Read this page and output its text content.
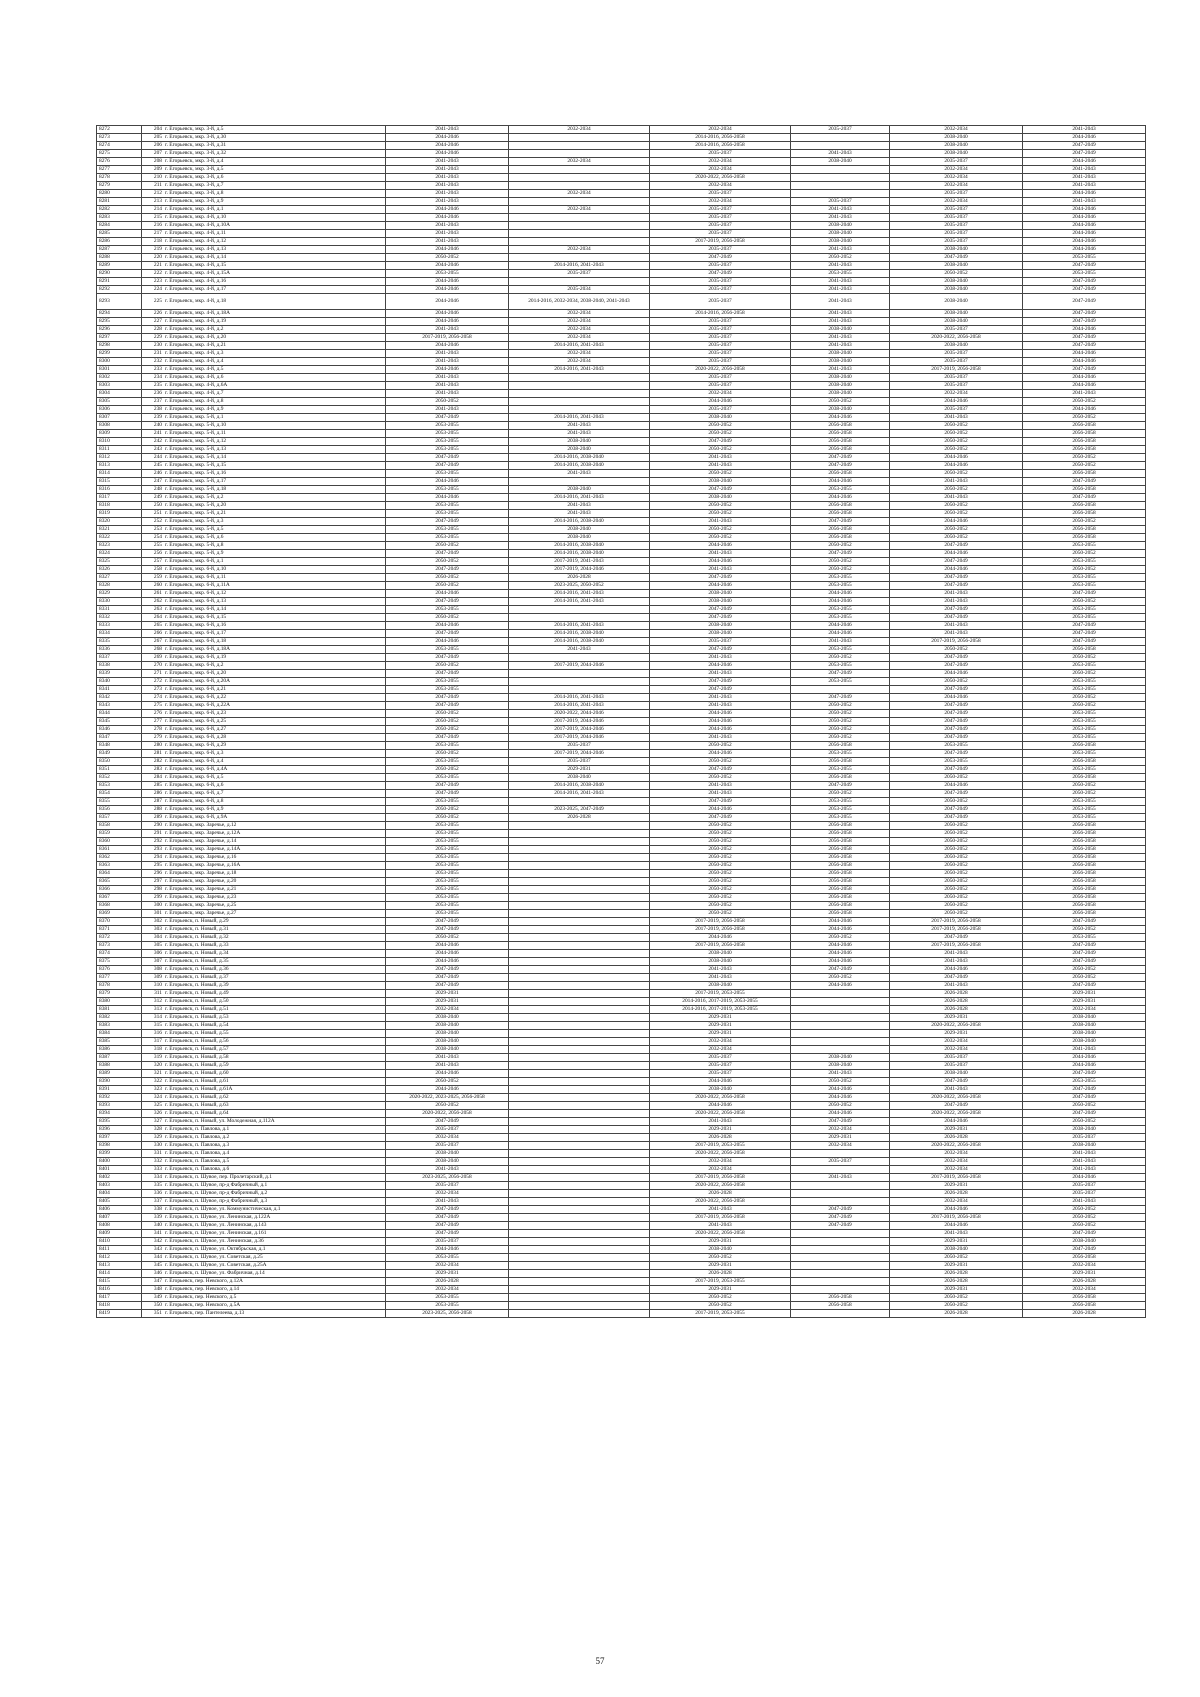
8272	204	г. Егорьевск, мкр. 3-й, д.5	2041-2043	2032-2034	2032-2034	2035-2037	2032-2034	2041-2043
8273	205	г. Егорьевск, мкр. 3-й, д.30	2044-2046		2014-2016, 2056-2058		2038-2040	2044-2046
8274	206	г. Егорьевск, мкр. 3-й, д.31	2044-2046		2014-2016, 2056-2058		2038-2040	2047-2049
8275	207	г. Егорьевск, мкр. 3-й, д.32	2044-2046		2035-2037	2041-2043	2038-2040	2047-2049
8276	208	г. Егорьевск, мкр. 3-й, д.4	2041-2043	2032-2034	2032-2034	2038-2040	2035-2037	2044-2046
8277	209	г. Егорьевск, мкр. 3-й, д.5	2041-2043		2032-2034		2032-2034	2041-2043
8278	210	г. Егорьевск, мкр. 3-й, д.6	2041-2043		2020-2022, 2056-2058		2032-2034	2041-2043
8279	211	г. Егорьевск, мкр. 3-й, д.7	2041-2043		2032-2034		2032-2034	2041-2043
8280	212	г. Егорьевск, мкр. 3-й, д.8	2041-2043	2032-2034	2035-2037		2035-2037	2044-2046
8281	213	г. Егорьевск, мкр. 3-й, д.9	2041-2043		2032-2034	2035-2037	2032-2034	2041-2043
8282	214	г. Егорьевск, мкр. 4-й, д.1	2044-2046	2032-2034	2035-2037	2041-2043	2035-2037	2044-2046
8283	215	г. Егорьевск, мкр. 4-й, д.10	2044-2046		2035-2037	2041-2043	2035-2037	2044-2046
8284	216	г. Егорьевск, мкр. 4-й, д.10А	2041-2043		2035-2037	2038-2040	2035-2037	2044-2046
8285	217	г. Егорьевск, мкр. 4-й, д.11	2041-2043		2035-2037	2038-2040	2035-2037	2044-2046
8286	218	г. Егорьевск, мкр. 4-й, д.12	2041-2043		2017-2019, 2056-2058	2038-2040	2035-2037	2044-2046
8287	219	г. Егорьевск, мкр. 4-й, д.13	2044-2046	2032-2034	2035-2037	2041-2043	2038-2040	2044-2046
8288	220	г. Егорьевск, мкр. 4-й, д.14	2050-2052		2047-2049	2050-2052	2047-2049	2053-2055
8289	221	г. Егорьевск, мкр. 4-й, д.15	2044-2046	2014-2016, 2041-2043	2035-2037	2041-2043	2038-2040	2047-2049
8290	222	г. Егорьевск, мкр. 4-й, д.15А	2053-2055	2035-2037	2047-2049	2053-2055	2050-2052	2053-2055
8291	223	г. Егорьевск, мкр. 4-й, д.16	2044-2046		2035-2037	2041-2043	2038-2040	2047-2049
8292	224	г. Егорьевск, мкр. 4-й, д.17	2044-2046	2035-2034	2035-2037	2041-2043	2038-2040	2047-2049
8293	225	г. Егорьевск, мкр. 4-й, д.18	2044-2046	2014-2016, 2032-2034, 2038-2040, 2041-2043	2035-2037	2041-2043	2038-2040	2047-2049
8294	226	г. Егорьевск, мкр. 4-й, д.18А	2044-2046	2032-2034	2014-2016, 2056-2058	2041-2043	2038-2040	2047-2049
8295	227	г. Егорьевск, мкр. 4-й, д.19	2044-2046	2032-2034	2035-2037	2041-2043	2038-2040	2047-2049
8296	228	г. Егорьевск, мкр. 4-й, д.2	2041-2043	2032-2034	2035-2037	2038-2040	2035-2037	2044-2046
8297	229	г. Егорьевск, мкр. 4-й, д.20	2017-2019, 2056-2058	2032-2034	2035-2037	2041-2043	2020-2022, 2056-2058	2047-2049
8298	230	г. Егорьевск, мкр. 4-й, д.21	2044-2046	2014-2016, 2041-2043	2035-2037	2041-2043	2038-2040	2047-2049
8299	231	г. Егорьевск, мкр. 4-й, д.3	2041-2043	2032-2034	2035-2037	2038-2040	2035-2037	2044-2046
8300	232	г. Егорьевск, мкр. 4-й, д.4	2041-2043	2032-2034	2035-2037	2038-2040	2035-2037	2044-2046
8301	233	г. Егорьевск, мкр. 4-й, д.5	2044-2046	2014-2016, 2041-2043	2020-2022, 2056-2058	2041-2043	2017-2019, 2056-2058	2047-2049
8302	234	г. Егорьевск, мкр. 4-й, д.6	2041-2043		2035-2037	2038-2040	2035-2037	2044-2046
8303	235	г. Егорьевск, мкр. 4-й, д.6А	2041-2043		2035-2037	2038-2040	2035-2037	2044-2046
8304	236	г. Егорьевск, мкр. 4-й, д.7	2041-2043		2032-2034	2038-2040	2032-2034	2041-2043
8305	237	г. Егорьевск, мкр. 4-й, д.8	2050-2052		2044-2046	2050-2052	2044-2046	2050-2052
8306	238	г. Егорьевск, мкр. 4-й, д.9	2041-2043		2035-2037	2038-2040	2035-2037	2044-2046
8307	239	г. Егорьевск, мкр. 5-й, д.1	2047-2049	2014-2016, 2041-2043	2038-2040	2044-2046	2041-2043	2050-2052
8308	240	г. Егорьевск, мкр. 5-й, д.10	2053-2055	2041-2043	2050-2052	2056-2058	2050-2052	2056-2058
8309	241	г. Егорьевск, мкр. 5-й, д.11	2053-2055	2041-2043	2050-2052	2056-2058	2050-2052	2056-2058
8310	242	г. Егорьевск, мкр. 5-й, д.12	2053-2055	2038-2040	2047-2049	2056-2058	2050-2052	2056-2058
8311	243	г. Егорьевск, мкр. 5-й, д.13	2053-2055	2038-2040	2050-2052	2056-2058	2050-2052	2056-2058
8312	244	г. Егорьевск, мкр. 5-й, д.14	2047-2049	2014-2016, 2038-2040	2041-2043	2047-2049	2044-2046	2050-2052
8313	245	г. Егорьевск, мкр. 5-й, д.15	2047-2049	2014-2016, 2038-2040	2041-2043	2047-2049	2044-2046	2050-2052
8314	246	г. Егорьевск, мкр. 5-й, д.16	2053-2055	2041-2043	2050-2052	2056-2058	2050-2052	2056-2058
8315	247	г. Егорьевск, мкр. 5-й, д.17	2044-2046		2038-2040	2044-2046	2041-2043	2047-2049
8316	248	г. Егорьевск, мкр. 5-й, д.18	2053-2055	2038-2040	2047-2049	2053-2055	2050-2052	2056-2058
8317	249	г. Егорьевск, мкр. 5-й, д.2	2044-2046	2014-2016, 2041-2043	2038-2040	2044-2046	2041-2043	2047-2049
8318	250	г. Егорьевск, мкр. 5-й, д.20	2053-2055	2041-2043	2050-2052	2056-2058	2050-2052	2056-2058
8319	251	г. Егорьевск, мкр. 5-й, д.21	2053-2055	2041-2043	2050-2052	2056-2058	2050-2052	2056-2058
8320	252	г. Егорьевск, мкр. 5-й, д.3	2047-2049	2014-2016, 2038-2040	2041-2043	2047-2049	2044-2046	2050-2052
8321	253	г. Егорьевск, мкр. 5-й, д.5	2053-2055	2038-2040	2050-2052	2056-2058	2050-2052	2056-2058
8322	254	г. Егорьевск, мкр. 5-й, д.6	2053-2055	2038-2040	2050-2052	2056-2058	2050-2052	2056-2058
8323	255	г. Егорьевск, мкр. 5-й, д.8	2050-2052	2014-2016, 2038-2040	2044-2046	2050-2052	2047-2049	2053-2055
8324	256	г. Егорьевск, мкр. 5-й, д.9	2047-2049	2014-2016, 2038-2040	2041-2043	2047-2049	2044-2046	2050-2052
8325	257	г. Егорьевск, мкр. 6-й, д.1	2050-2052	2017-2019, 2041-2043	2044-2046	2050-2052	2047-2049	2053-2055
8326	258	г. Егорьевск, мкр. 6-й, д.10	2047-2049	2017-2019, 2044-2046	2041-2043	2050-2052	2044-2046	2050-2052
8327	259	г. Егорьевск, мкр. 6-й, д.11	2050-2052	2026-2028	2047-2049	2053-2055	2047-2049	2053-2055
8328	260	г. Егорьевск, мкр. 6-й, д.11А	2050-2052	2023-2025, 2050-2052	2044-2046	2053-2055	2047-2049	2053-2055
8329	261	г. Егорьевск, мкр. 6-й, д.12	2044-2046	2014-2016, 2041-2043	2038-2040	2044-2046	2041-2043	2047-2049
8330	262	г. Егорьевск, мкр. 6-й, д.13	2047-2049	2014-2016, 2041-2043	2038-2040	2044-2046	2041-2043	2050-2052
8331	263	г. Егорьевск, мкр. 6-й, д.14	2053-2055		2047-2049	2053-2055	2047-2049	2053-2055
8332	264	г. Егорьевск, мкр. 6-й, д.15	2050-2052		2047-2049	2053-2055	2047-2049	2053-2055
8333	265	г. Егорьевск, мкр. 6-й, д.16	2044-2046	2014-2016, 2041-2043	2038-2040	2044-2046	2041-2043	2047-2049
8334	266	г. Егорьевск, мкр. 6-й, д.17	2047-2049	2014-2016, 2038-2040	2038-2040	2044-2046	2041-2043	2047-2049
8335	267	г. Егорьевск, мкр. 6-й, д.18	2044-2046	2014-2016, 2038-2040	2035-2037	2041-2043	2017-2019, 2056-2058	2047-2049
8336	268	г. Егорьевск, мкр. 6-й, д.18А	2053-2055	2041-2043	2047-2049	2053-2055	2050-2052	2056-2058
8337	269	г. Егорьевск, мкр. 6-й, д.19	2047-2049		2041-2043	2050-2052	2047-2049	2050-2052
8338	270	г. Егорьевск, мкр. 6-й, д.2	2050-2052	2017-2019, 2044-2046	2044-2046	2053-2055	2047-2049	2053-2055
8339	271	г. Егорьевск, мкр. 6-й, д.20	2047-2049		2041-2043	2047-2049	2044-2046	2050-2052
8340	272	г. Егорьевск, мкр. 6-й, д.20А	2053-2055		2047-2049	2053-2055	2050-2052	2053-2055
8341	273	г. Егорьевск, мкр. 6-й, д.21	2053-2055		2047-2049		2047-2049	2053-2055
8342	274	г. Егорьевск, мкр. 6-й, д.22	2047-2049	2014-2016, 2041-2043	2041-2043	2047-2049	2044-2046	2050-2052
8343	275	г. Егорьевск, мкр. 6-й, д.22А	2047-2049	2014-2016, 2041-2043	2041-2043	2050-2052	2047-2049	2050-2052
8344	276	г. Егорьевск, мкр. 6-й, д.23	2050-2052	2020-2022, 2044-2046	2044-2046	2050-2052	2047-2049	2053-2055
8345	277	г. Егорьевск, мкр. 6-й, д.25	2050-2052	2017-2019, 2044-2046	2044-2046	2050-2052	2047-2049	2053-2055
8346	278	г. Егорьевск, мкр. 6-й, д.27	2050-2052	2017-2019, 2044-2046	2044-2046	2050-2052	2047-2049	2053-2055
8347	279	г. Егорьевск, мкр. 6-й, д.28	2047-2049	2017-2019, 2044-2046	2041-2043	2050-2052	2047-2049	2053-2055
8348	280	г. Егорьевск, мкр. 6-й, д.29	2053-2055	2035-2037	2050-2052	2056-2058	2053-2055	2056-2058
8349	281	г. Егорьевск, мкр. 6-й, д.3	2050-2052	2017-2019, 2044-2046	2044-2046	2053-2055	2047-2049	2053-2055
8350	282	г. Егорьевск, мкр. 6-й, д.4	2053-2055	2035-2037	2050-2052	2056-2058	2053-2055	2056-2058
8351	283	г. Егорьевск, мкр. 6-й, д.4А	2050-2052	2029-2031	2047-2049	2053-2055	2047-2049	2053-2055
8352	284	г. Егорьевск, мкр. 6-й, д.5	2053-2055	2038-2040	2050-2052	2056-2058	2050-2052	2056-2058
8353	285	г. Егорьевск, мкр. 6-й, д.6	2047-2049	2014-2016, 2038-2040	2041-2043	2047-2049	2044-2046	2050-2052
8354	286	г. Егорьевск, мкр. 6-й, д.7	2047-2049	2014-2016, 2041-2043	2041-2043	2050-2052	2047-2049	2050-2052
8355	287	г. Егорьевск, мкр. 6-й, д.8	2053-2055		2047-2049	2053-2055	2050-2052	2053-2055
8356	288	г. Егорьевск, мкр. 6-й, д.9	2050-2052	2023-2025, 2047-2049	2044-2046	2053-2055	2047-2049	2053-2055
8357	289	г. Егорьевск, мкр. 6-й, д.9А	2050-2052	2026-2028	2047-2049	2053-2055	2047-2049	2053-2055
8358	290	г. Егорьевск, мкр. Заречье, д.12	2053-2055		2050-2052	2056-2058	2050-2052	2056-2058
8359	291	г. Егорьевск, мкр. Заречье, д.12А	2053-2055		2050-2052	2056-2058	2050-2052	2056-2058
8360	292	г. Егорьевск, мкр. Заречье, д.14	2053-2055		2050-2052	2056-2058	2050-2052	2056-2058
8361	293	г. Егорьевск, мкр. Заречье, д.14А	2053-2055		2050-2052	2056-2058	2050-2052	2056-2058
8362	294	г. Егорьевск, мкр. Заречье, д.16	2053-2055		2050-2052	2056-2058	2050-2052	2056-2058
8363	295	г. Егорьевск, мкр. Заречье, д.16А	2053-2055		2050-2052	2056-2058	2050-2052	2056-2058
8364	296	г. Егорьевск, мкр. Заречье, д.18	2053-2055		2050-2052	2056-2058	2050-2052	2056-2058
8365	297	г. Егорьевск, мкр. Заречье, д.20	2053-2055		2050-2052	2056-2058	2050-2052	2056-2058
8366	298	г. Егорьевск, мкр. Заречье, д.21	2053-2055		2050-2052	2056-2058	2050-2052	2056-2058
8367	299	г. Егорьевск, мкр. Заречье, д.23	2053-2055		2050-2052	2056-2058	2050-2052	2056-2058
8368	300	г. Егорьевск, мкр. Заречье, д.25	2053-2055		2050-2052	2056-2058	2050-2052	2056-2058
8369	301	г. Егорьевск, мкр. Заречье, д.27	2053-2055		2050-2052	2056-2058	2050-2052	2056-2058
8370	302	г. Егорьевск, п. Новый, д.29	2047-2049		2017-2019, 2056-2058	2044-2046	2017-2019, 2056-2058	2047-2049
8371	303	г. Егорьевск, п. Новый, д.31	2047-2049		2017-2019, 2056-2058	2044-2046	2017-2019, 2056-2058	2050-2052
8372	304	г. Егорьевск, п. Новый, д.32	2050-2052		2044-2046	2050-2052	2047-2049	2053-2055
8373	305	г. Егорьевск, п. Новый, д.33	2044-2046		2017-2019, 2056-2058	2044-2046	2017-2019, 2056-2058	2047-2049
8374	306	г. Егорьевск, п. Новый, д.34	2044-2046		2038-2040	2044-2046	2041-2043	2047-2049
8375	307	г. Егорьевск, п. Новый, д.35	2044-2046		2038-2040	2044-2046	2041-2043	2047-2049
8376	308	г. Егорьевск, п. Новый, д.36	2047-2049		2041-2043	2047-2049	2044-2046	2050-2052
8377	309	г. Егорьевск, п. Новый, д.37	2047-2049		2041-2043	2050-2052	2047-2049	2050-2052
8378	310	г. Егорьевск, п. Новый, д.39	2047-2049		2038-2040	2044-2046	2041-2043	2047-2049
8379	311	г. Егорьевск, п. Новый, д.49	2029-2031		2017-2019, 2053-2055		2026-2028	2029-2031
8380	312	г. Егорьевск, п. Новый, д.50	2029-2031		2014-2016, 2017-2019, 2053-2055		2026-2028	2029-2031
8381	313	г. Егорьевск, п. Новый, д.51	2032-2034		2014-2016, 2017-2019, 2053-2055		2026-2028	2032-2034
8382	314	г. Егорьевск, п. Новый, д.53	2038-2040		2029-2031		2029-2031	2038-2040
8383	315	г. Егорьевск, п. Новый, д.54	2038-2040		2029-2031		2020-2022, 2056-2058	2038-2040
8384	316	г. Егорьевск, п. Новый, д.55	2038-2040		2029-2031		2029-2031	2038-2040
8385	317	г. Егорьевск, п. Новый, д.56	2038-2040		2032-2034		2032-2034	2038-2040
8386	318	г. Егорьевск, п. Новый, д.57	2038-2040		2032-2034		2032-2034	2041-2043
8387	319	г. Егорьевск, п. Новый, д.58	2041-2043		2035-2037	2038-2040	2035-2037	2044-2046
8388	320	г. Егорьевск, п. Новый, д.59	2041-2043		2035-2037	2038-2040	2035-2037	2044-2046
8389	321	г. Егорьевск, п. Новый, д.60	2044-2046		2035-2037	2041-2043	2038-2040	2047-2049
8390	322	г. Егорьевск, п. Новый, д.61	2050-2052		2044-2046	2050-2052	2047-2049	2053-2055
8391	323	г. Егорьевск, п. Новый, д.61А	2044-2046		2038-2040	2044-2046	2041-2043	2047-2049
8392	324	г. Егорьевск, п. Новый, д.62	2020-2022, 2023-2025, 2056-2058		2020-2022, 2056-2058	2044-2046	2020-2022, 2056-2058	2047-2049
8393	325	г. Егорьевск, п. Новый, д.63	2050-2052		2044-2046	2050-2052	2047-2049	2050-2052
8394	326	г. Егорьевск, п. Новый, д.64	2020-2022, 2056-2058		2020-2022, 2056-2058	2044-2046	2020-2022, 2056-2058	2047-2049
8395	327	г. Егорьевск, п. Новый, ул. Молодежная, д.112А	2047-2049		2041-2043	2047-2049	2044-2046	2050-2052
8396	328	г. Егорьевск, п. Павлова, д.1	2035-2037		2029-2031	2032-2034	2029-2031	2038-2040
8397	329	г. Егорьевск, п. Павлова, д.2	2032-2034		2026-2028	2029-2031	2026-2028	2035-2037
8398	330	г. Егорьевск, п. Павлова, д.3	2035-2037		2017-2019, 2053-2055	2032-2034	2020-2022, 2056-2058	2038-2040
8399	331	г. Егорьевск, п. Павлова, д.4	2038-2040		2020-2022, 2056-2058		2032-2034	2041-2043
8400	332	г. Егорьевск, п. Павлова, д.5	2038-2040		2032-2034	2035-2037	2032-2034	2041-2043
8401	333	г. Егорьевск, п. Павлова, д.6	2041-2043		2032-2034		2032-2034	2041-2043
8402	334	г. Егорьевск, п. Шувое, пер. Пролетарский, д.1	2023-2025, 2056-2058		2017-2019, 2056-2058	2041-2043	2017-2019, 2056-2058	2044-2046
8403	335	г. Егорьевск, п. Шувое, пр-д Фабричный, д.1	2035-2037		2020-2022, 2056-2058		2029-2031	2035-2037
8404	336	г. Егорьевск, п. Шувое, пр-д Фабричный, д.2	2032-2034		2026-2028		2026-2028	2035-2037
8405	337	г. Егорьевск, п. Шувое, пр-д Фабричный, д.3	2041-2043		2020-2022, 2056-2058		2032-2034	2041-2043
8406	338	г. Егорьевск, п. Шувое, ул. Коммунистическая, д.1	2047-2049		2041-2043	2047-2049	2044-2046	2050-2052
8407	339	г. Егорьевск, п. Шувое, ул. Ленинская, д.122А	2047-2049		2017-2019, 2056-2058	2047-2049	2017-2019, 2056-2058	2050-2052
8408	340	г. Егорьевск, п. Шувое, ул. Ленинская, д.143	2047-2049		2041-2043	2047-2049	2044-2046	2050-2052
8409	341	г. Егорьевск, п. Шувое, ул. Ленинская, д.161	2047-2049		2020-2022, 2056-2058		2041-2043	2047-2049
8410	342	г. Егорьевск, п. Шувое, ул. Ленинская, д.36	2035-2037		2029-2031		2029-2031	2038-2040
8411	343	г. Егорьевск, п. Шувое, ул. Октябрьская, д.1	2044-2046		2038-2040		2038-2040	2047-2049
8412	344	г. Егорьевск, п. Шувое, ул. Советская, д.25	2053-2055		2050-2052		2050-2052	2056-2058
8413	345	г. Егорьевск, п. Шувое, ул. Советская, д.25А	2032-2034		2029-2031		2029-2031	2032-2034
8414	346	г. Егорьевск, п. Шувое, ул. Фабричная, д.14	2029-2031		2026-2028		2026-2028	2029-2031
8415	347	г. Егорьевск, пер. Невского, д.12А	2026-2028		2017-2019, 2053-2055		2026-2028	2026-2028
8416	348	г. Егорьевск, пер. Невского, д.14	2032-2034		2029-2031		2029-2031	2032-2034
8417	349	г. Егорьевск, пер. Невского, д.5	2053-2055		2050-2052	2056-2058	2050-2052	2056-2058
8418	350	г. Егорьевск, пер. Невского, д.5А	2053-2055		2050-2052	2056-2058	2050-2052	2056-2058
8419	351	г. Егорьевск, пер. Пантелеева, д.13	2023-2025, 2056-2058		2017-2019, 2053-2055		2026-2028	2026-2028
57
